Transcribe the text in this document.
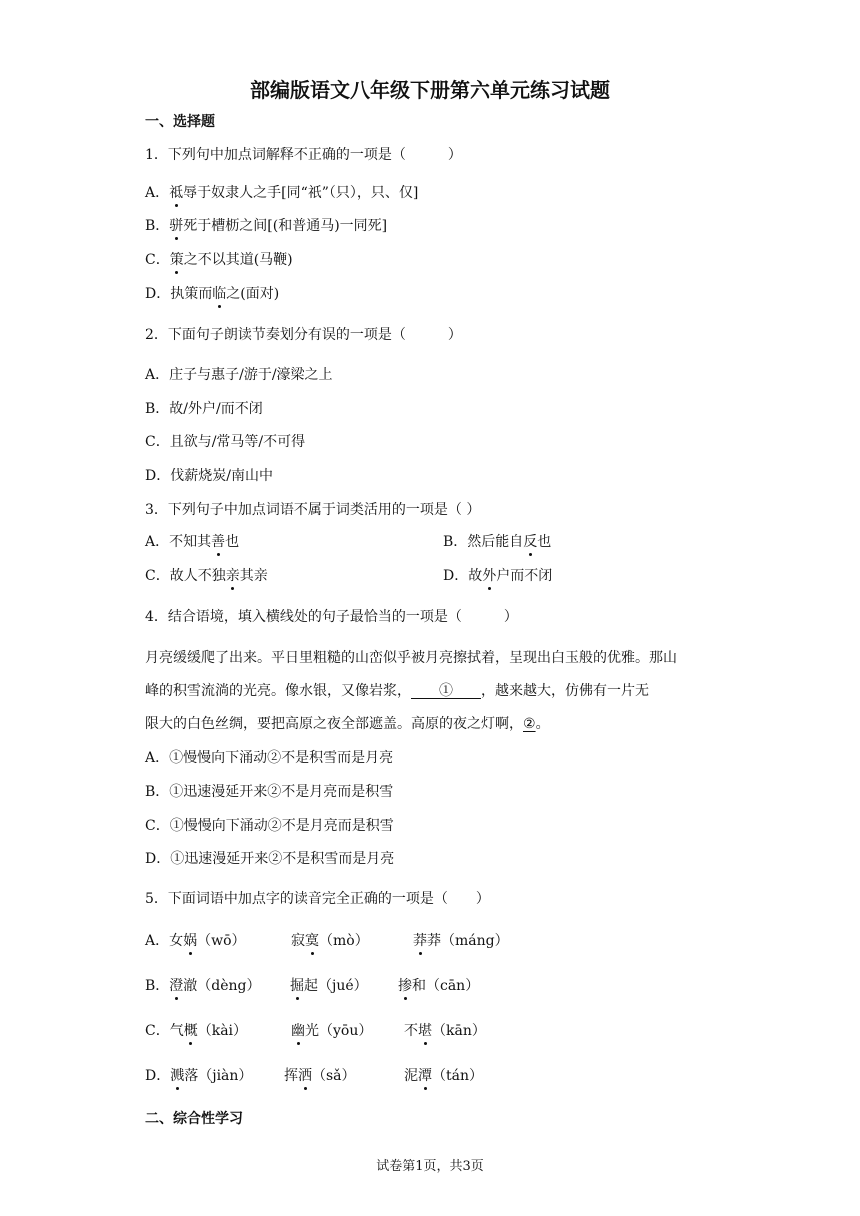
部编版语文八年级下册第六单元练习试题
一、选择题
1．下列句中加点词解释不正确的一项是（　　　）
A．祗辱于奴隶人之手[同“祇”（只），只、仅]
B．骈死于槽枥之间[(和普通马)一同死]
C．策之不以其道(马鞭)
D．执策而临之(面对)
2．下面句子朗读节奏划分有误的一项是（　　　）
A．庄子与惠子/游于/濠梁之上
B．故/外户/而不闭
C．且欲与/常马等/不可得
D．伐薪烧炭/南山中
3．下列句子中加点词语不属于词类活用的一项是（ ）
A．不知其善也	B．然后能自反也
C．故人不独亲其亲	D．故外户而不闭
4．结合语境，填入横线处的句子最恰当的一项是（　　　）
月亮缓缓爬了出来。平日里粗糙的山峦似乎被月亮擦拭着，呈现出白玉般的优雅。那山
峰的积雪流淌的光亮。像水银，又像岩浆，　　①　　，越来越大，仿佛有一片无
限大的白色丝绸，要把高原之夜全部遮盖。高原的夜之灯啊，②。
A．①慢慢向下涌动②不是积雪而是月亮
B．①迅速漫延开来②不是月亮而是积雪
C．①慢慢向下涌动②不是月亮而是积雪
D．①迅速漫延开来②不是积雪而是月亮
5．下面词语中加点字的读音完全正确的一项是（　　）
A．女娲（wō）	寂寞（mò）	莽莽（máng）
B．澄澈（dèng） 掘起（jué） 掺和（cān）
C．气概（kài）	幽光（yōu） 不堪（kān）
D．溅落（jiàn） 挥洒（sǎ）	泥潭（tán）
二、综合性学习
试卷第1页，共3页
